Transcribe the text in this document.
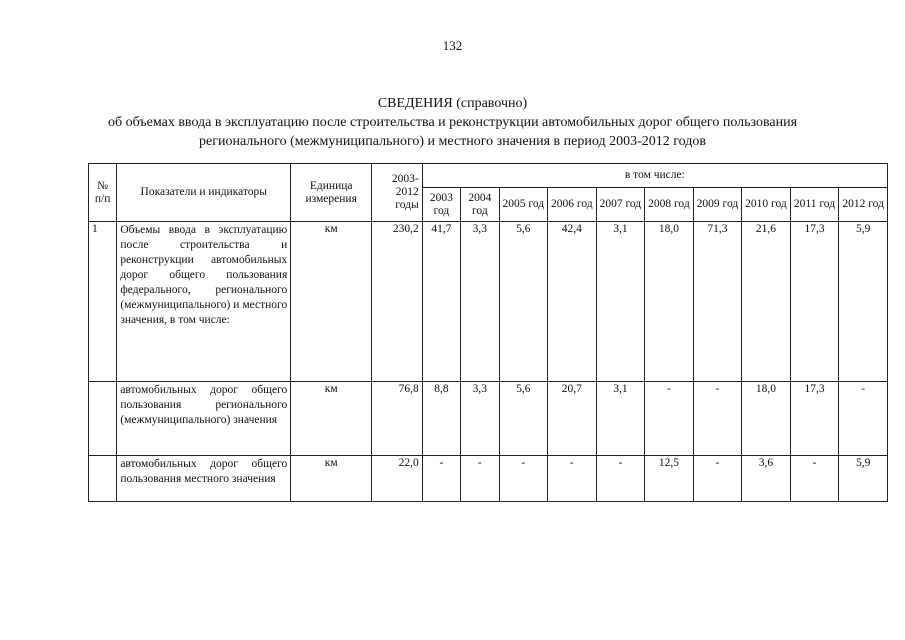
132
СВЕДЕНИЯ (справочно)
об объемах ввода в эксплуатацию после строительства и реконструкции автомобильных дорог общего пользования
регионального (межмуниципального) и местного значения в период 2003-2012 годов
№ п/п	Показатели и индикаторы	Единица измерения	2003-2012 годы	в том числе:									
				2003 год	2004 год	2005 год	2006 год	2007 год	2008 год	2009 год	2010 год	2011 год	2012 год
1	Объемы ввода в эксплуатацию после строительства и реконструкции автомобильных дорог общего пользования федерального, регионального (межмуниципального) и местного значения, в том числе:	км	230,2	41,7	3,3	5,6	42,4	3,1	18,0	71,3	21,6	17,3	5,9
	автомобильных дорог общего пользования регионального (межмуниципального) значения	км	76,8	8,8	3,3	5,6	20,7	3,1	-	-	18,0	17,3	-
	автомобильных дорог общего пользования местного значения	км	22,0	-	-	-	-	-	12,5	-	3,6	-	5,9
